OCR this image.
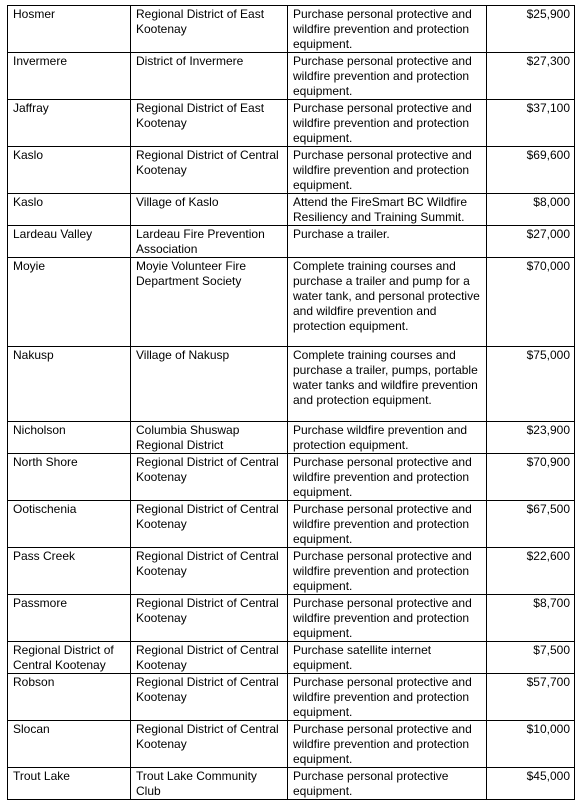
Hosmer	Regional District of East Kootenay	Purchase personal protective and wildfire prevention and protection equipment.	$25,900
Invermere	District of Invermere	Purchase personal protective and wildfire prevention and protection equipment.	$27,300
Jaffray	Regional District of East Kootenay	Purchase personal protective and wildfire prevention and protection equipment.	$37,100
Kaslo	Regional District of Central Kootenay	Purchase personal protective and wildfire prevention and protection equipment.	$69,600
Kaslo	Village of Kaslo	Attend the FireSmart BC Wildfire Resiliency and Training Summit.	$8,000
Lardeau Valley	Lardeau Fire Prevention Association	Purchase a trailer.	$27,000
Moyie	Moyie Volunteer Fire Department Society	Complete training courses and purchase a trailer and pump for a water tank, and personal protective and wildfire prevention and protection equipment.	$70,000
Nakusp	Village of Nakusp	Complete training courses and purchase a trailer, pumps, portable water tanks and wildfire prevention and protection equipment.	$75,000
Nicholson	Columbia Shuswap Regional District	Purchase wildfire prevention and protection equipment.	$23,900
North Shore	Regional District of Central Kootenay	Purchase personal protective and wildfire prevention and protection equipment.	$70,900
Ootischenia	Regional District of Central Kootenay	Purchase personal protective and wildfire prevention and protection equipment.	$67,500
Pass Creek	Regional District of Central Kootenay	Purchase personal protective and wildfire prevention and protection equipment.	$22,600
Passmore	Regional District of Central Kootenay	Purchase personal protective and wildfire prevention and protection equipment.	$8,700
Regional District of Central Kootenay	Regional District of Central Kootenay	Purchase satellite internet equipment.	$7,500
Robson	Regional District of Central Kootenay	Purchase personal protective and wildfire prevention and protection equipment.	$57,700
Slocan	Regional District of Central Kootenay	Purchase personal protective and wildfire prevention and protection equipment.	$10,000
Trout Lake	Trout Lake Community Club	Purchase personal protective equipment.	$45,000
